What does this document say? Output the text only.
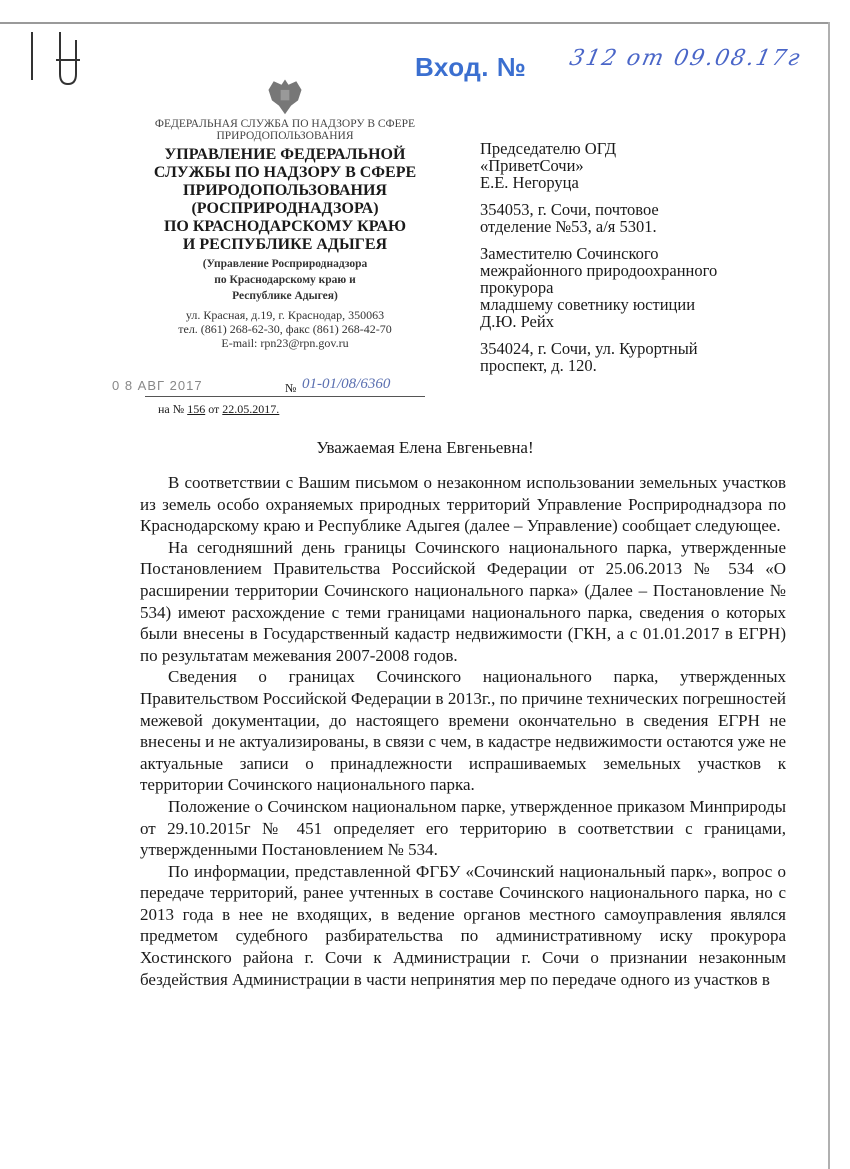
Вход. № 312 от 09.08.17г
ФЕДЕРАЛЬНАЯ СЛУЖБА ПО НАДЗОРУ В СФЕРЕ ПРИРОДОПОЛЬЗОВАНИЯ
УПРАВЛЕНИЕ ФЕДЕРАЛЬНОЙ
СЛУЖБЫ ПО НАДЗОРУ В СФЕРЕ
ПРИРОДОПОЛЬЗОВАНИЯ
(РОСПРИРОДНАДЗОРА)
ПО КРАСНОДАРСКОМУ КРАЮ
И РЕСПУБЛИКЕ АДЫГЕЯ
(Управление Росприроднадзора
по Краснодарскому краю и
Республике Адыгея)
ул. Красная, д.19, г. Краснодар, 350063
тел. (861) 268-62-30, факс (861) 268-42-70
E-mail: rpn23@rpn.gov.ru
0 8 АВГ 2017	№ 01-01/08/6360
на № 156 от 22.05.2017.
Председателю ОГД
«ПриветСочи»
Е.Е. Негоруца
354053, г. Сочи, почтовое
отделение №53, а/я 5301.
Заместителю Сочинского
межрайонного природоохранного
прокурора
младшему советнику юстиции
Д.Ю. Рейх
354024, г. Сочи, ул. Курортный
проспект, д. 120.
Уважаемая Елена Евгеньевна!

В соответствии с Вашим письмом о незаконном использовании земельных участков из земель особо охраняемых природных территорий Управление Росприроднадзора по Краснодарскому краю и Республике Адыгея (далее – Управление) сообщает следующее.

На сегодняшний день границы Сочинского национального парка, утвержденные Постановлением Правительства Российской Федерации от 25.06.2013 № 534 «О расширении территории Сочинского национального парка» (Далее – Постановление № 534) имеют расхождение с теми границами национального парка, сведения о которых были внесены в Государственный кадастр недвижимости (ГКН, а с 01.01.2017 в ЕГРН) по результатам межевания 2007-2008 годов.

Сведения о границах Сочинского национального парка, утвержденных Правительством Российской Федерации в 2013г., по причине технических погрешностей межевой документации, до настоящего времени окончательно в сведения ЕГРН не внесены и не актуализированы, в связи с чем, в кадастре недвижимости остаются уже не актуальные записи о принадлежности испрашиваемых земельных участков к территории Сочинского национального парка.

Положение о Сочинском национальном парке, утвержденное приказом Минприроды от 29.10.2015г № 451 определяет его территорию в соответствии с границами, утвержденными Постановлением № 534.

По информации, представленной ФГБУ «Сочинский национальный парк», вопрос о передаче территорий, ранее учтенных в составе Сочинского национального парка, но с 2013 года в нее не входящих, в ведение органов местного самоуправления являлся предметом судебного разбирательства по административному иску прокурора Хостинского района г. Сочи к Администрации г. Сочи о признании незаконным бездействия Администрации в части непринятия мер по передаче одного из участков в
